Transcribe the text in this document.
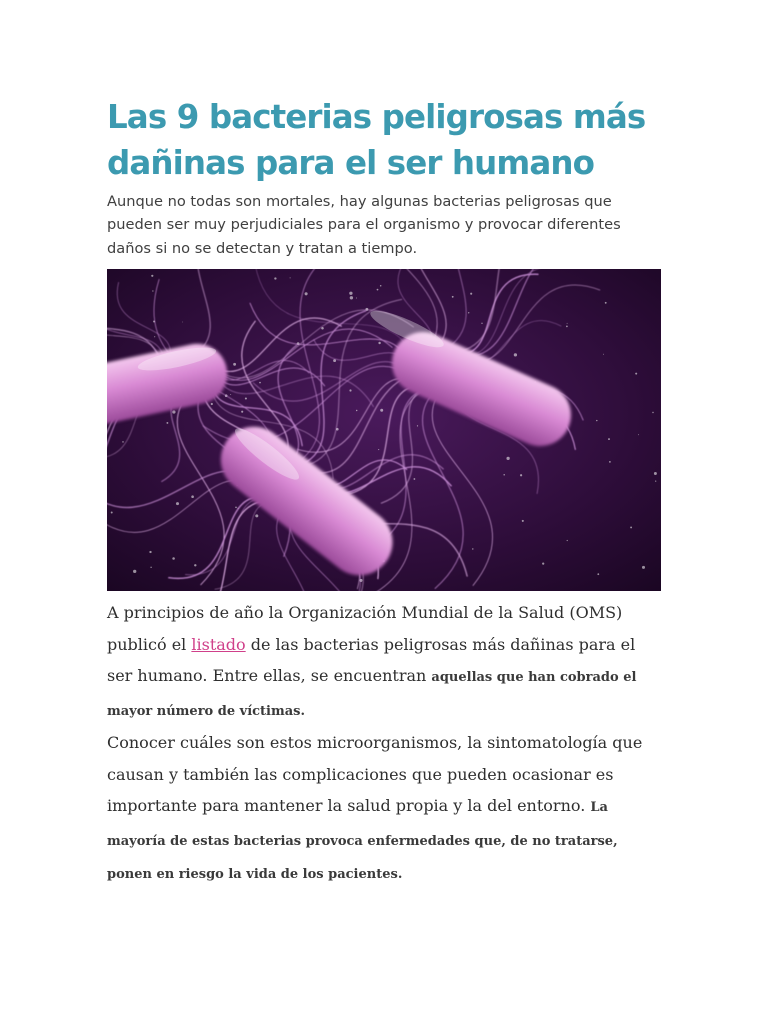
Las 9 bacterias peligrosas más dañinas para el ser humano

Aunque no todas son mortales, hay algunas bacterias peligrosas que pueden ser muy perjudiciales para el organismo y provocar diferentes daños si no se detectan y tratan a tiempo.

A principios de año la Organización Mundial de la Salud (OMS) publicó el listado de las bacterias peligrosas más dañinas para el ser humano. Entre ellas, se encuentran aquellas que han cobrado el mayor número de víctimas.

Conocer cuáles son estos microorganismos, la sintomatología que causan y también las complicaciones que pueden ocasionar es importante para mantener la salud propia y la del entorno. La mayoría de estas bacterias provoca enfermedades que, de no tratarse, ponen en riesgo la vida de los pacientes.
